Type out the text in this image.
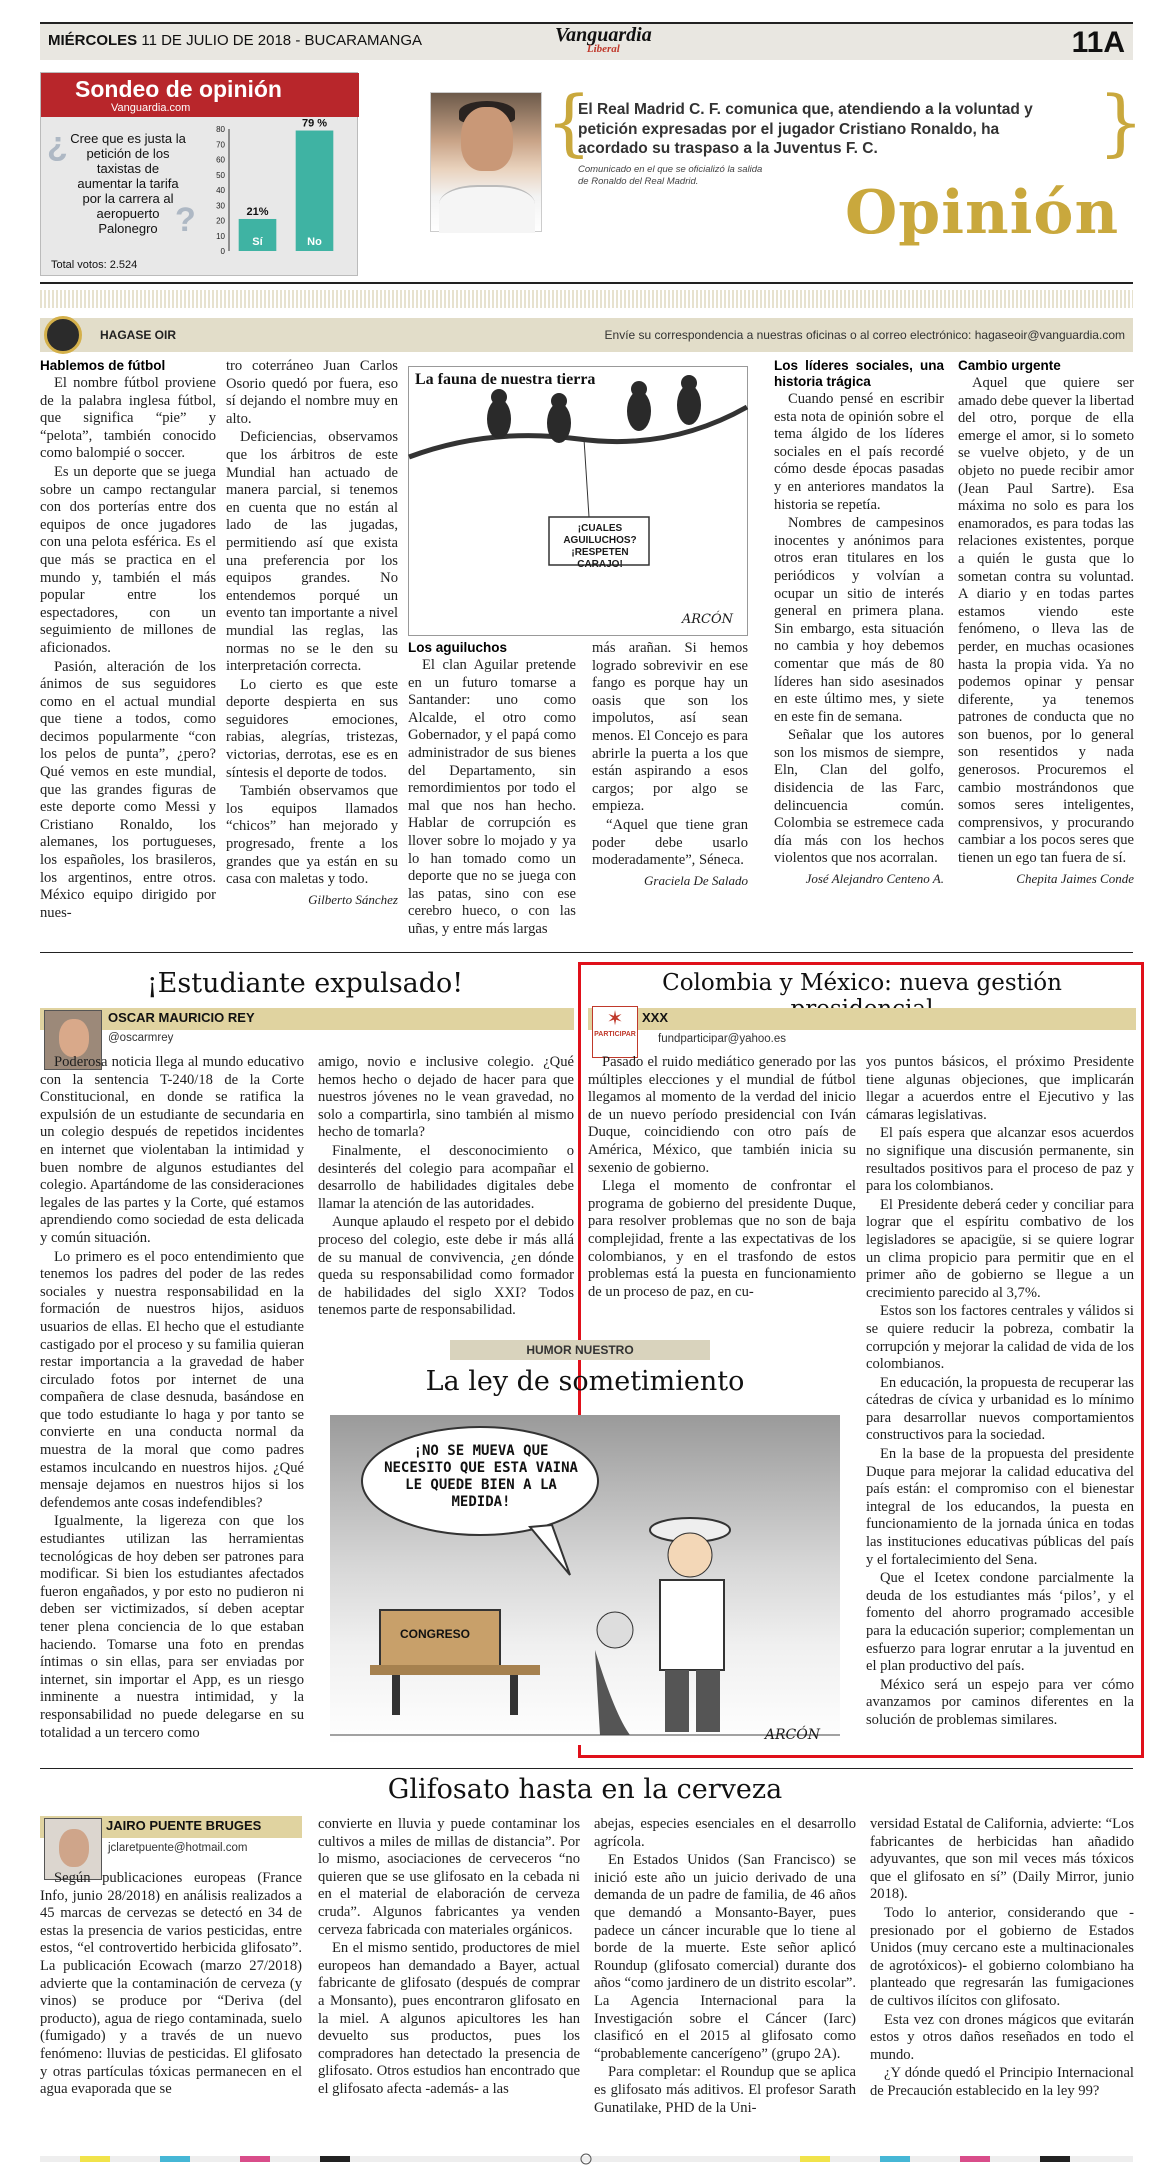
MIÉRCOLES 11 DE JULIO DE 2018 - BUCARAMANGA	Vanguardia
Liberal	11A
Sondeo de opinión
Vanguardia.com
¿ Cree que es justa la petición de los taxistas de aumentar la tarifa por la carrera al aeropuerto Palonegro ?
80
70
60
50
40
30
20
10
0
21%
Sí
79 %
No
Total votos: 2.524
{	}
El Real Madrid C. F. comunica que, atendiendo a la voluntad y petición expresadas por el jugador Cristiano Ronaldo, ha acordado su traspaso a la Juventus F. C.
Comunicado en el que se oficializó la salida de Ronaldo del Real Madrid.	Opinión
HAGASE OIR	Envíe su correspondencia a nuestras oficinas o al correo electrónico: hagaseoir@vanguardia.com
Hablemos de fútbol

El nombre fútbol proviene de la palabra inglesa fútbol, que significa “pie” y “pelota”, también conocido como balompié o soccer.

Es un deporte que se juega sobre un campo rectangular con dos porterías entre dos equipos de once jugadores con una pelota esférica. Es el que más se practica en el mundo y, también el más popular entre los espectadores, con un seguimiento de millones de aficionados.

Pasión, alteración de los ánimos de sus seguidores como en el actual mundial que tiene a todos, como decimos popularmente “con los pelos de punta”, ¿pero? Qué vemos en este mundial, que las grandes figuras de este deporte como Messi y Cristiano Ronaldo, los alemanes, los portugueses, los españoles, los brasileros, los argentinos, entre otros. México equipo dirigido por nues-

tro coterráneo Juan Carlos Osorio quedó por fuera, eso sí dejando el nombre muy en alto.

Deficiencias, observamos que los árbitros de este Mundial han actuado de manera parcial, si tenemos en cuenta que no están al lado de las jugadas, permitiendo así que exista una preferencia por los equipos grandes. No entendemos porqué un evento tan importante a nivel mundial las reglas, las normas no se le den su interpretación correcta.

Lo cierto es que este deporte despierta en sus seguidores emociones, rabias, alegrías, tristezas, victorias, derrotas, ese es en síntesis el deporte de todos.

También observamos que los equipos llamados “chicos” han mejorado y progresado, frente a los grandes que ya están en su casa con maletas y todo.

Gilberto Sánchez

La fauna de nuestra tierra
¡CUALES AGUILUCHOS? ¡RESPETEN CARAJO!
ARCÓN
Los aguiluchos

El clan Aguilar pretende en un futuro tomarse a Santander: uno como Alcalde, el otro como Gobernador, y el papá como administrador de sus bienes del Departamento, sin remordimientos por todo el mal que nos han hecho. Hablar de corrupción es llover sobre lo mojado y ya lo han tomado como un deporte que no se juega con las patas, sino con ese cerebro hueco, o con las uñas, y entre más largas

más arañan. Si hemos logrado sobrevivir en ese fango es porque hay un oasis que son los impolutos, así sean menos. El Concejo es para abrirle la puerta a los que están aspirando a esos cargos; por algo se empieza.

“Aquel que tiene gran poder debe usarlo moderadamente”, Séneca.

Graciela De Salado

Los líderes sociales, una historia trágica

Cuando pensé en escribir esta nota de opinión sobre el tema álgido de los líderes sociales en el país recordé cómo desde épocas pasadas y en anteriores mandatos la historia se repetía.

Nombres de campesinos inocentes y anónimos para otros eran titulares en los periódicos y volvían a ocupar un sitio de interés general en primera plana. Sin embargo, esta situación no cambia y hoy debemos comentar que más de 80 líderes han sido asesinados en este último mes, y siete en este fin de semana.

Señalar que los autores son los mismos de siempre, Eln, Clan del golfo, disidencia de las Farc, delincuencia común. Colombia se estremece cada día más con los hechos violentos que nos acorralan.

José Alejandro Centeno A.

Cambio urgente

Aquel que quiere ser amado debe quever la libertad del otro, porque de ella emerge el amor, si lo someto se vuelve objeto, y de un objeto no puede recibir amor (Jean Paul Sartre). Esa máxima no solo es para los enamorados, es para todas las relaciones existentes, porque a quién le gusta que lo sometan contra su voluntad. A diario y en todas partes estamos viendo este fenómeno, o lleva las de perder, en muchas ocasiones hasta la propia vida. Ya no podemos opinar y pensar diferente, ya tenemos patrones de conducta que no son buenos, por lo general son resentidos y nada generosos. Procuremos el cambio mostrándonos que somos seres inteligentes, comprensivos, y procurando cambiar a los pocos seres que tienen un ego tan fuera de sí.

Chepita Jaimes Conde

¡Estudiante expulsado!
OSCAR MAURICIO REY
@oscarmrey

Poderosa noticia llega al mundo educativo con la sentencia T-240/18 de la Corte Constitucional, en donde se ratifica la expulsión de un estudiante de secundaria en un colegio después de repetidos incidentes en internet que violentaban la intimidad y buen nombre de algunos estudiantes del colegio. Apartándome de las consideraciones legales de las partes y la Corte, qué estamos aprendiendo como sociedad de esta delicada y común situación.

Lo primero es el poco entendimiento que tenemos los padres del poder de las redes sociales y nuestra responsabilidad en la formación de nuestros hijos, asiduos usuarios de ellas. El hecho que el estudiante castigado por el proceso y su familia quieran restar importancia a la gravedad de haber circulado fotos por internet de una compañera de clase desnuda, basándose en que todo estudiante lo haga y por tanto se convierte en una conducta normal da muestra de la moral que como padres estamos inculcando en nuestros hijos. ¿Qué mensaje dejamos en nuestros hijos si los defendemos ante cosas indefendibles?

Igualmente, la ligereza con que los estudiantes utilizan las herramientas tecnológicas de hoy deben ser patrones para modificar. Si bien los estudiantes afectados fueron engañados, y por esto no pudieron ni deben ser victimizados, sí deben aceptar tener plena conciencia de lo que estaban haciendo. Tomarse una foto en prendas íntimas o sin ellas, para ser enviadas por internet, sin importar el App, es un riesgo inminente a nuestra intimidad, y la responsabilidad no puede delegarse en su totalidad a un tercero como

amigo, novio e inclusive colegio. ¿Qué hemos hecho o dejado de hacer para que nuestros jóvenes no le vean gravedad, no solo a compartirla, sino también al mismo hecho de tomarla?

Finalmente, el desconocimiento o desinterés del colegio para acompañar el desarrollo de habilidades digitales debe llamar la atención de las autoridades.

Aunque aplaudo el respeto por el debido proceso del colegio, este debe ir más allá de su manual de convivencia, ¿en dónde queda su responsabilidad como formador de habilidades del siglo XXI? Todos tenemos parte de responsabilidad.

Colombia y México: nueva gestión
XXX
✶
PARTICIPAR fundparticipar@yahoo.es

Pasado el ruido mediático generado por las múltiples elecciones y el mundial de fútbol llegamos al momento de la verdad del inicio de un nuevo período presidencial con Iván Duque, coincidiendo con otro país de América, México, que también inicia su sexenio de gobierno.

Llega el momento de confrontar el programa de gobierno del presidente Duque, para resolver problemas que no son de baja complejidad, frente a las expectativas de los colombianos, y en el trasfondo de estos problemas está la puesta en funcionamiento de un proceso de paz, en cu-

yos puntos básicos, el próximo Presidente tiene algunas objeciones, que implicarán llegar a acuerdos entre el Ejecutivo y las cámaras legislativas.

El país espera que alcanzar esos acuerdos no signifique una discusión permanente, sin resultados positivos para el proceso de paz y para los colombianos.

El Presidente deberá ceder y conciliar para lograr que el espíritu combativo de los legisladores se apacigüe, si se quiere lograr un clima propicio para permitir que en el primer año de gobierno se llegue a un crecimiento parecido al 3,7%.

Estos son los factores centrales y válidos si se quiere reducir la pobreza, combatir la corrupción y mejorar la calidad de vida de los colombianos.

En educación, la propuesta de recuperar las cátedras de cívica y urbanidad es lo mínimo para desarrollar nuevos comportamientos constructivos para la sociedad.

En la base de la propuesta del presidente Duque para mejorar la calidad educativa del país están: el compromiso con el bienestar integral de los educandos, la puesta en funcionamiento de la jornada única en todas las instituciones educativas públicas del país y el fortalecimiento del Sena.

Que el Icetex condone parcialmente la deuda de los estudiantes más ‘pilos’, y el fomento del ahorro programado accesible para la educación superior; complementan un esfuerzo para lograr enrutar a la juventud en el plan productivo del país.

México será un espejo para ver cómo avanzamos por caminos diferentes en la solución de problemas similares.

HUMOR NUESTRO
La ley de sometimiento
¡NO SE MUEVA QUE NECESITO QUE ESTA VAINA LE QUEDE BIEN A LA MEDIDA!
CONGRESO
ARCÓN
Glifosato hasta en la cerveza
JAIRO PUENTE BRUGES
jclaretpuente@hotmail.com

Según publicaciones europeas (France Info, junio 28/2018) en análisis realizados a 45 marcas de cervezas se detectó en 34 de estas la presencia de varios pesticidas, entre estos, “el controvertido herbicida glifosato”. La publicación Ecowach (marzo 27/2018) advierte que la contaminación de cerveza (y vinos) se produce por “Deriva (del producto), agua de riego contaminada, suelo (fumigado) y a través de un nuevo fenómeno: lluvias de pesticidas. El glifosato y otras partículas tóxicas permanecen en el agua evaporada que se

convierte en lluvia y puede contaminar los cultivos a miles de millas de distancia”. Por lo mismo, asociaciones de cerveceros “no quieren que se use glifosato en la cebada ni en el material de elaboración de cerveza cruda”. Algunos fabricantes ya venden cerveza fabricada con materiales orgánicos.

En el mismo sentido, productores de miel europeos han demandado a Bayer, actual fabricante de glifosato (después de comprar a Monsanto), pues encontraron glifosato en la miel. A algunos apicultores les han devuelto sus productos, pues los compradores han detectado la presencia de glifosato. Otros estudios han encontrado que el glifosato afecta -además- a las

abejas, especies esenciales en el desarrollo agrícola.

En Estados Unidos (San Francisco) se inició este año un juicio derivado de una demanda de un padre de familia, de 46 años que demandó a Monsanto-Bayer, pues padece un cáncer incurable que lo tiene al borde de la muerte. Este señor aplicó Roundup (glifosato comercial) durante dos años “como jardinero de un distrito escolar”. La Agencia Internacional para la Investigación sobre el Cáncer (Iarc) clasificó en el 2015 al glifosato como “probablemente cancerígeno” (grupo 2A).

Para completar: el Roundup que se aplica es glifosato más aditivos. El profesor Sarath Gunatilake, PHD de la Uni-

versidad Estatal de California, advierte: “Los fabricantes de herbicidas han añadido adyuvantes, que son mil veces más tóxicos que el glifosato en sí” (Daily Mirror, junio 2018).

Todo lo anterior, considerando que -presionado por el gobierno de Estados Unidos (muy cercano este a multinacionales de agrotóxicos)- el gobierno colombiano ha planteado que regresarán las fumigaciones de cultivos ilícitos con glifosato.

Esta vez con drones mágicos que evitarán estos y otros daños reseñados en todo el mundo.

¿Y dónde quedó el Principio Internacional de Precaución establecido en la ley 99?
